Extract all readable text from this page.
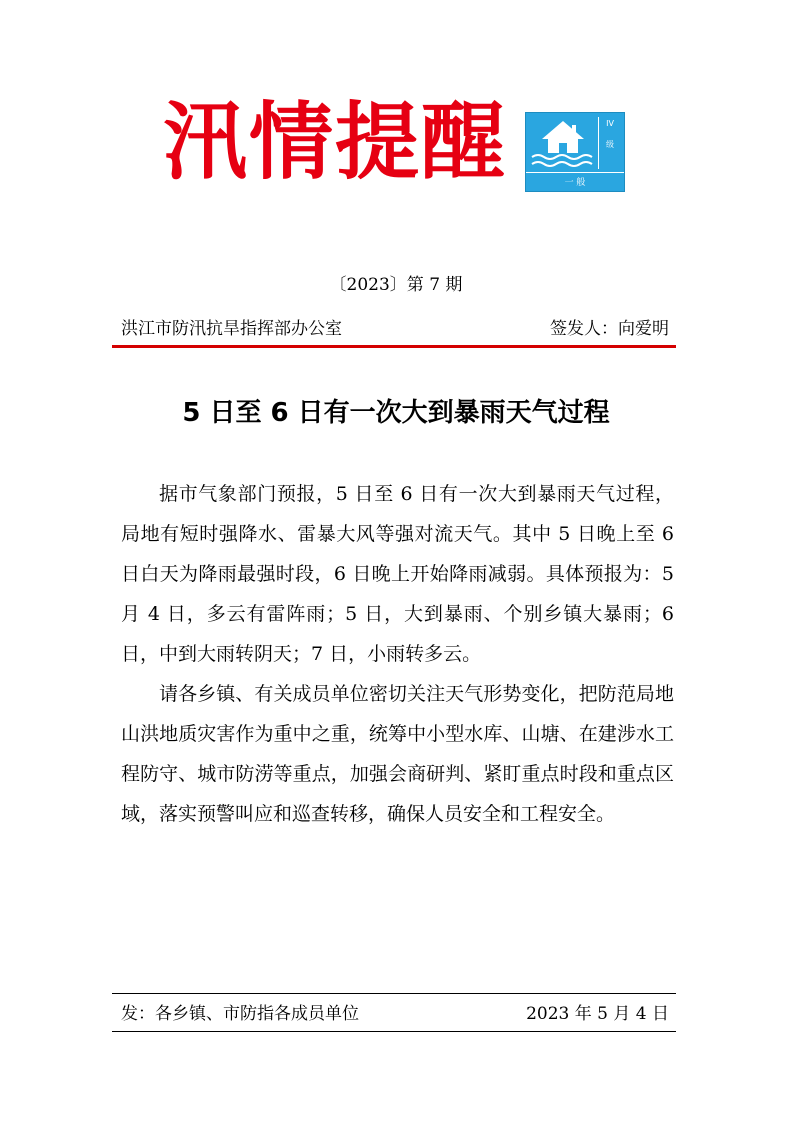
汛情提醒	IV
级
一 般
〔2023〕第 7 期
洪江市防汛抗旱指挥部办公室	签发人：向爱明
5 日至 6 日有一次大到暴雨天气过程

据市气象部门预报，5 日至 6 日有一次大到暴雨天气过程，局地有短时强降水、雷暴大风等强对流天气。其中 5 日晚上至 6 日白天为降雨最强时段，6 日晚上开始降雨减弱。具体预报为：5 月 4 日，多云有雷阵雨；5 日，大到暴雨、个别乡镇大暴雨；6 日，中到大雨转阴天；7 日，小雨转多云。

请各乡镇、有关成员单位密切关注天气形势变化，把防范局地山洪地质灾害作为重中之重，统筹中小型水库、山塘、在建涉水工程防守、城市防涝等重点，加强会商研判、紧盯重点时段和重点区域，落实预警叫应和巡查转移，确保人员安全和工程安全。

发：各乡镇、市防指各成员单位	2023 年 5 月 4 日
